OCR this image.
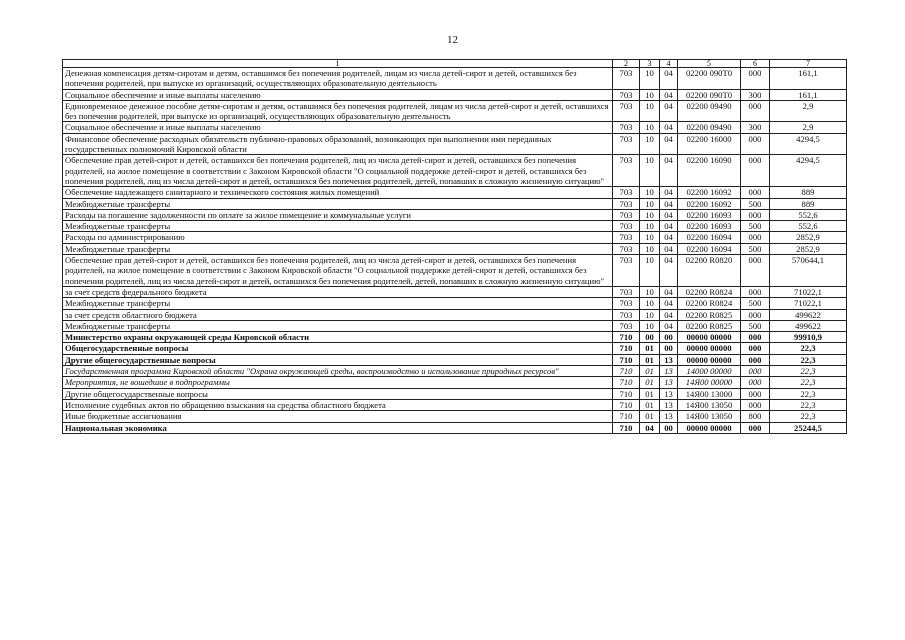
12
1	2	3	4	5	6	7
Денежная компенсация детям-сиротам и детям, оставшимся без попечения родителей, лицам из числа детей-сирот и детей, оставшихся без попечения родителей, при выпуске из организаций, осуществляющих образовательную деятельность	703	10	04	02200 090Т0	000	161,1
Социальное обеспечение и иные выплаты населению	703	10	04	02200 090Т0	300	161,1
Единовременное денежное пособие детям-сиротам и детям, оставшимся без попечения родителей, лицам из числа детей-сирот и детей, оставшихся без попечения родителей, при выпуске из организаций, осуществляющих образовательную деятельность	703	10	04	02200 09490	000	2,9
Социальное обеспечение и иные выплаты населению	703	10	04	02200 09490	300	2,9
Финансовое обеспечение расходных обязательств публично-правовых образований, возникающих при выполнении ими переданных государственных полномочий Кировской области	703	10	04	02200 16000	000	4294,5
Обеспечение прав детей-сирот и детей, оставшихся без попечения родителей, лиц из числа детей-сирот и детей, оставшихся без попечения родителей, на жилое помещение в соответствии с Законом Кировской области "О социальной поддержке детей-сирот и детей, оставшихся без попечения родителей, лиц из числа детей-сирот и детей, оставшихся без попечения родителей, детей, попавших в сложную жизненную ситуацию"	703	10	04	02200 16090	000	4294,5
Обеспечение надлежащего санитарного и технического состояния жилых помещений	703	10	04	02200 16092	000	889
Межбюджетные трансферты	703	10	04	02200 16092	500	889
Расходы на погашение задолженности по оплате за жилое помещение и коммунальные услуги	703	10	04	02200 16093	000	552,6
Межбюджетные трансферты	703	10	04	02200 16093	500	552,6
Расходы по администрированию	703	10	04	02200 16094	000	2852,9
Межбюджетные трансферты	703	10	04	02200 16094	500	2852,9
Обеспечение прав детей-сирот и детей, оставшихся без попечения родителей, лиц из числа детей-сирот и детей, оставшихся без попечения родителей, на жилое помещение в соответствии с Законом Кировской области "О социальной поддержке детей-сирот и детей, оставшихся без попечения родителей, лиц из числа детей-сирот и детей, оставшихся без попечения родителей, детей, попавших в сложную жизненную ситуацию"	703	10	04	02200 R0820	000	570644,1
за счет средств федерального бюджета	703	10	04	02200 R0824	000	71022,1
Межбюджетные трансферты	703	10	04	02200 R0824	500	71022,1
за счет средств областного бюджета	703	10	04	02200 R0825	000	499622
Межбюджетные трансферты	703	10	04	02200 R0825	500	499622
Министерство охраны окружающей среды Кировской области	710	00	00	00000 00000	000	99910,9
Общегосударственные вопросы	710	01	00	00000 00000	000	22,3
Другие общегосударственные вопросы	710	01	13	00000 00000	000	22,3
Государственная программа Кировской области "Охрана окружающей среды, воспроизводство и использование природных ресурсов"	710	01	13	14000 00000	000	22,3
Мероприятия, не вошедшие в подпрограммы	710	01	13	14Я00 00000	000	22,3
Другие общегосударственные вопросы	710	01	13	14Я00 13000	000	22,3
Исполнение судебных актов по обращению взыскания на средства областного бюджета	710	01	13	14Я00 13050	000	22,3
Иные бюджетные ассигнования	710	01	13	14Я00 13050	800	22,3
Национальная экономика	710	04	00	00000 00000	000	25244,5
